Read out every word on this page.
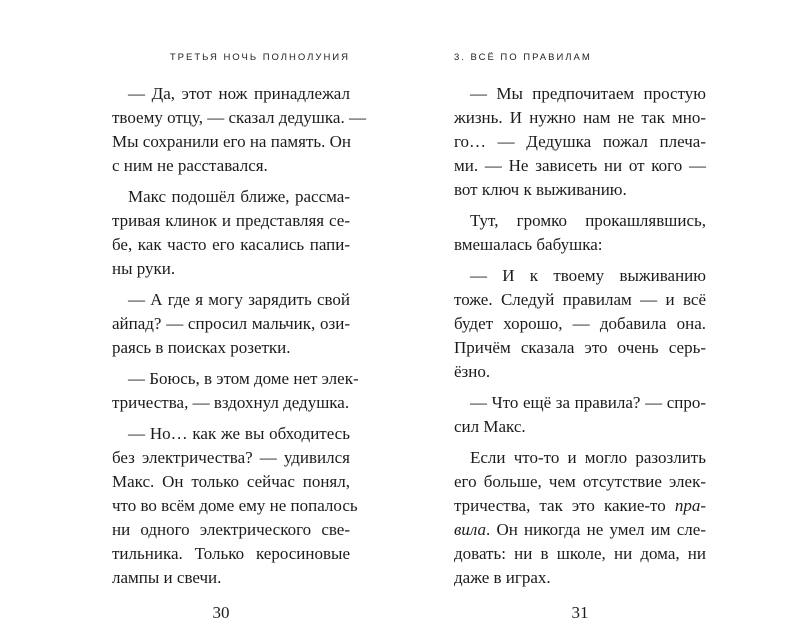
ТРЕТЬЯ НОЧЬ ПОЛНОЛУНИЯ
— Да, этот нож принадлежал
твоему отцу, — сказал дедушка. —
Мы сохранили его на память. Он
с ним не расставался.
Макс подошёл ближе, рассма-
тривая клинок и представляя се-
бе, как часто его касались папи-
ны руки.
— А где я могу зарядить свой
айпад? — спросил мальчик, ози-
раясь в поисках розетки.
— Боюсь, в этом доме нет элек-
тричества, — вздохнул дедушка.
— Но… как же вы обходитесь
без электричества? — удивился
Макс. Он только сейчас понял,
что во всём доме ему не попалось
ни одного электрического све-
тильника. Только керосиновые
лампы и свечи.
30
3. ВСЁ ПО ПРАВИЛАМ
— Мы предпочитаем простую
жизнь. И нужно нам не так мно-
го… — Дедушка пожал плеча-
ми. — Не зависеть ни от кого —
вот ключ к выживанию.
Тут, громко прокашлявшись,
вмешалась бабушка:
— И к твоему выживанию
тоже. Следуй правилам — и всё
будет хорошо, — добавила она.
Причём сказала это очень серь-
ёзно.
— Что ещё за правила? — спро-
сил Макс.
Если что-то и могло разозлить
его больше, чем отсутствие элек-
тричества, так это какие-то пра-
вила. Он никогда не умел им сле-
довать: ни в школе, ни дома, ни
даже в играх.
31
